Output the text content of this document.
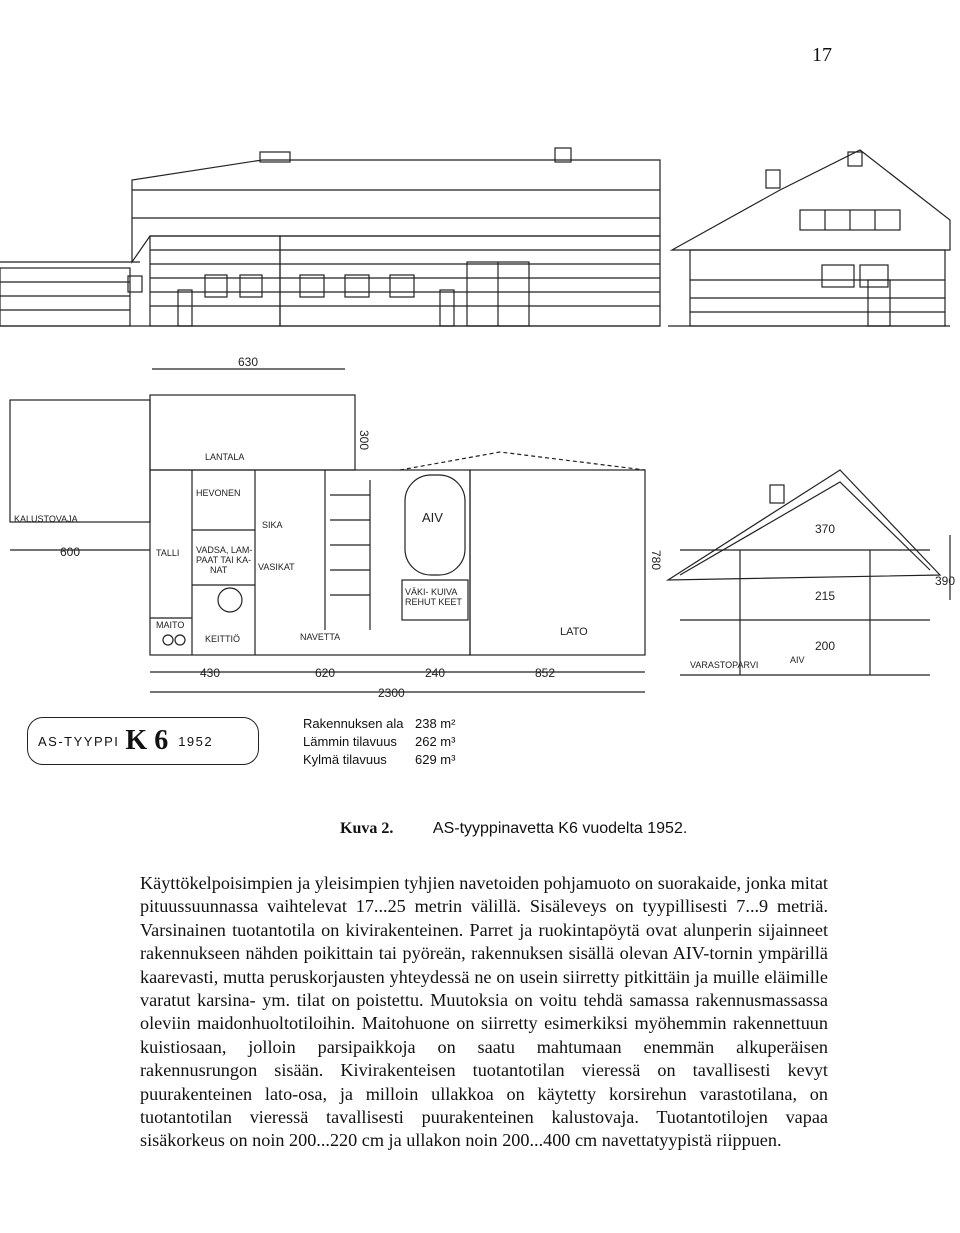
17
KALUSTOVAJA
TALLI
HEVONEN
LANTALA
SIKA
VADSA, LAM-
PAAT TAI KA-
NAT	VASIKAT
MAITO
KEITTIÖ	NAVETTA
AIV
VÄKI- KUIVA
REHUT KEET
LATO
AIV
VARASTOPARVI
630
600
300
780
430	620	240	852
2300
370
215
200
390
AS-TYYPPI K 6 1952
Rakennuksen ala 238 m²
Lämmin tilavuus	262 m³
Kylmä tilavuus	629 m³
Kuva 2. AS-tyyppinavetta K6 vuodelta 1952.

Käyttökelpoisimpien ja yleisimpien tyhjien navetoiden pohjamuoto on suorakaide, jonka mitat pituussuunnassa vaihtelevat 17...25 metrin välillä. Sisäleveys on tyypillisesti 7...9 metriä. Varsinainen tuotantotila on kivirakenteinen. Parret ja ruokintapöytä ovat alunperin sijainneet rakennukseen nähden poikittain tai pyöreän, rakennuksen sisällä olevan AIV-tornin ympärillä kaarevasti, mutta peruskorjausten yhteydessä ne on usein siirretty pitkittäin ja muille eläimille varatut karsina- ym. tilat on poistettu. Muutoksia on voitu tehdä samassa rakennusmassassa oleviin maidonhuoltotiloihin. Maitohuone on siirretty esimerkiksi myöhemmin rakennettuun kuistiosaan, jolloin parsipaikkoja on saatu mahtumaan enemmän alkuperäisen rakennusrungon sisään. Kivirakenteisen tuotantotilan vieressä on tavallisesti kevyt puurakenteinen lato-osa, ja milloin ullakkoa on käytetty korsirehun varastotilana, on tuotantotilan vieressä tavallisesti puurakenteinen kalustovaja. Tuotantotilojen vapaa sisäkorkeus on noin 200...220 cm ja ullakon noin 200...400 cm navettatyypistä riippuen.
